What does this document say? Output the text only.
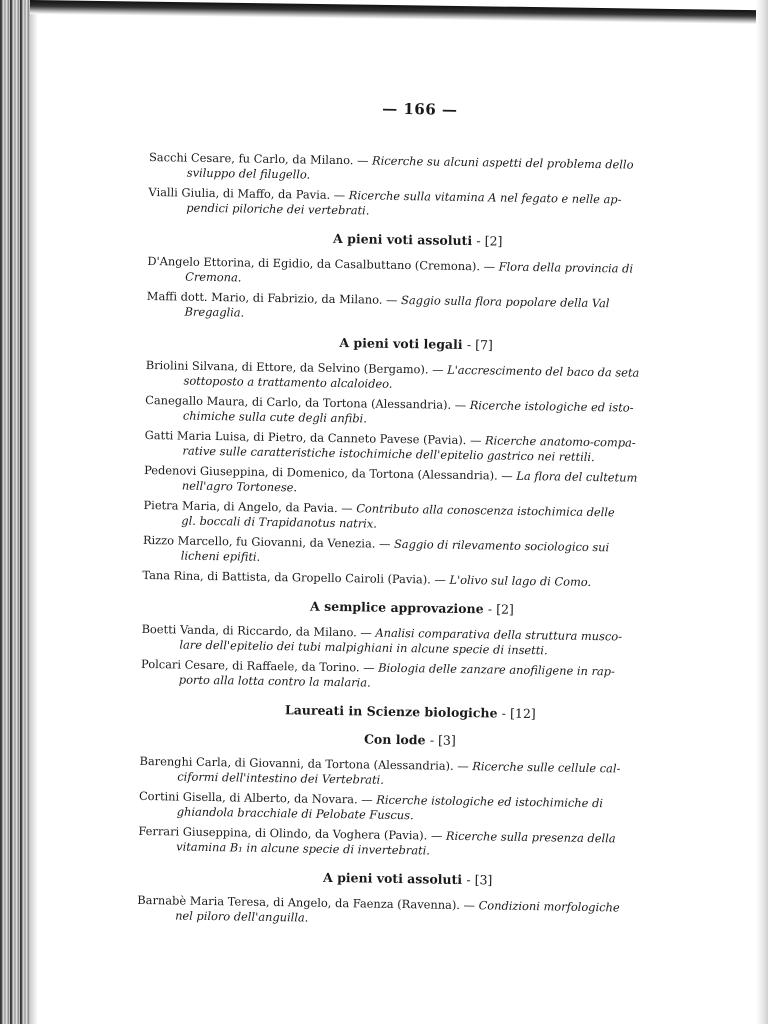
— 166 —
Sacchi Cesare, fu Carlo, da Milano. — Ricerche su alcuni aspetti del problema dello
sviluppo del filugello.
Vialli Giulia, di Maffo, da Pavia. — Ricerche sulla vitamina A nel fegato e nelle ap-
pendici piloriche dei vertebrati.
A pieni voti assoluti - [2]
D'Angelo Ettorina, di Egidio, da Casalbuttano (Cremona). — Flora della provincia di
Cremona.
Maffi dott. Mario, di Fabrizio, da Milano. — Saggio sulla flora popolare della Val
Bregaglia.
A pieni voti legali - [7]
Briolini Silvana, di Ettore, da Selvino (Bergamo). — L'accrescimento del baco da seta
sottoposto a trattamento alcaloideo.
Canegallo Maura, di Carlo, da Tortona (Alessandria). — Ricerche istologiche ed isto-
chimiche sulla cute degli anfibi.
Gatti Maria Luisa, di Pietro, da Canneto Pavese (Pavia). — Ricerche anatomo-compa-
rative sulle caratteristiche istochimiche dell'epitelio gastrico nei rettili.
Pedenovi Giuseppina, di Domenico, da Tortona (Alessandria). — La flora del cultetum
nell'agro Tortonese.
Pietra Maria, di Angelo, da Pavia. — Contributo alla conoscenza istochimica delle
gl. boccali di Trapidanotus natrix.
Rizzo Marcello, fu Giovanni, da Venezia. — Saggio di rilevamento sociologico sui
licheni epifiti.
Tana Rina, di Battista, da Gropello Cairoli (Pavia). — L'olivo sul lago di Como.
A semplice approvazione - [2]
Boetti Vanda, di Riccardo, da Milano. — Analisi comparativa della struttura musco-
lare dell'epitelio dei tubi malpighiani in alcune specie di insetti.
Polcari Cesare, di Raffaele, da Torino. — Biologia delle zanzare anofiligene in rap-
porto alla lotta contro la malaria.
Laureati in Scienze biologiche - [12]
Con lode - [3]
Barenghi Carla, di Giovanni, da Tortona (Alessandria). — Ricerche sulle cellule cal-
ciformi dell'intestino dei Vertebrati.
Cortini Gisella, di Alberto, da Novara. — Ricerche istologiche ed istochimiche di
ghiandola bracchiale di Pelobate Fuscus.
Ferrari Giuseppina, di Olindo, da Voghera (Pavia). — Ricerche sulla presenza della
vitamina B₁ in alcune specie di invertebrati.
A pieni voti assoluti - [3]
Barnabè Maria Teresa, di Angelo, da Faenza (Ravenna). — Condizioni morfologiche
nel piloro dell'anguilla.
